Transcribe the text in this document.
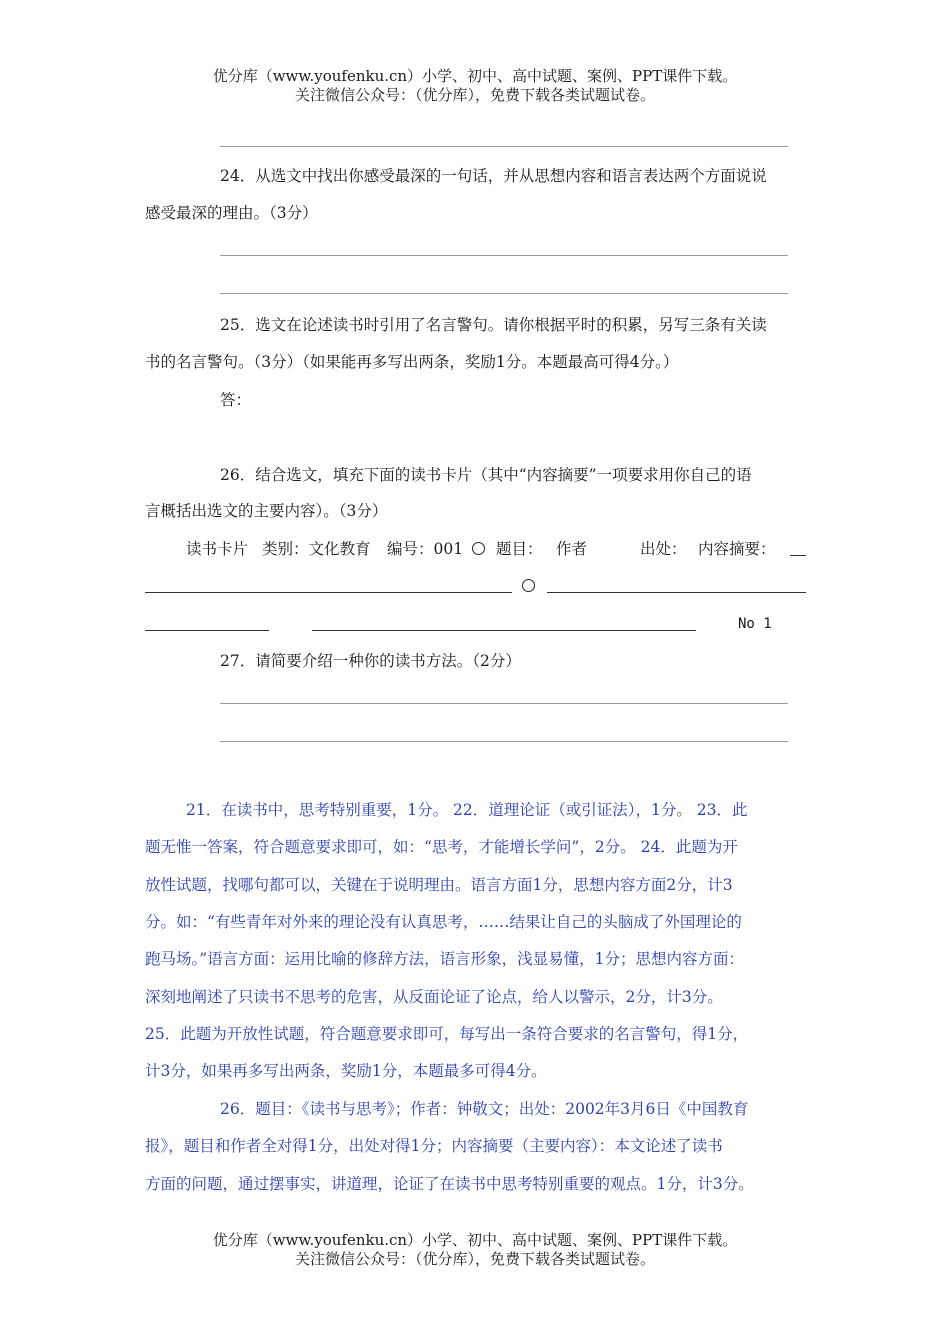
优分库（www.youfenku.cn）小学、初中、高中试题、案例、PPT课件下载。
关注微信公众号：（优分库），免费下载各类试题试卷。
24．从选文中找出你感受最深的一句话，并从思想内容和语言表达两个方面说说
感受最深的理由。（3分）
25．选文在论述读书时引用了名言警句。请你根据平时的积累，另写三条有关读
书的名言警句。（3分）（如果能再多写出两条，奖励1分。本题最高可得4分。）
答：
26．结合选文，填充下面的读书卡片（其中“内容摘要”一项要求用你自己的语
言概括出选文的主要内容）。（3分）
读书卡片 类别：文化教育 编号：001 题目： 作者	出处： 内容摘要：
No 1
27．请简要介绍一种你的读书方法。（2分）
21．在读书中，思考特别重要，1分。 22．道理论证（或引证法），1分。 23．此
题无惟一答案，符合题意要求即可，如：“思考，才能增长学问”，2分。 24．此题为开
放性试题，找哪句都可以，关键在于说明理由。语言方面1分，思想内容方面2分，计3
分。如：“有些青年对外来的理论没有认真思考，……结果让自己的头脑成了外国理论的
跑马场。”语言方面：运用比喻的修辞方法，语言形象，浅显易懂，1分；思想内容方面：
深刻地阐述了只读书不思考的危害，从反面论证了论点，给人以警示，2分，计3分。
25．此题为开放性试题，符合题意要求即可，每写出一条符合要求的名言警句，得1分，
计3分，如果再多写出两条，奖励1分，本题最多可得4分。
26．题目：《读书与思考》；作者：钟敬文；出处：2002年3月6日《中国教育
报》，题目和作者全对得1分，出处对得1分；内容摘要（主要内容）：本文论述了读书
方面的问题，通过摆事实，讲道理，论证了在读书中思考特别重要的观点。1分，计3分。
优分库（www.youfenku.cn）小学、初中、高中试题、案例、PPT课件下载。
关注微信公众号：（优分库），免费下载各类试题试卷。
